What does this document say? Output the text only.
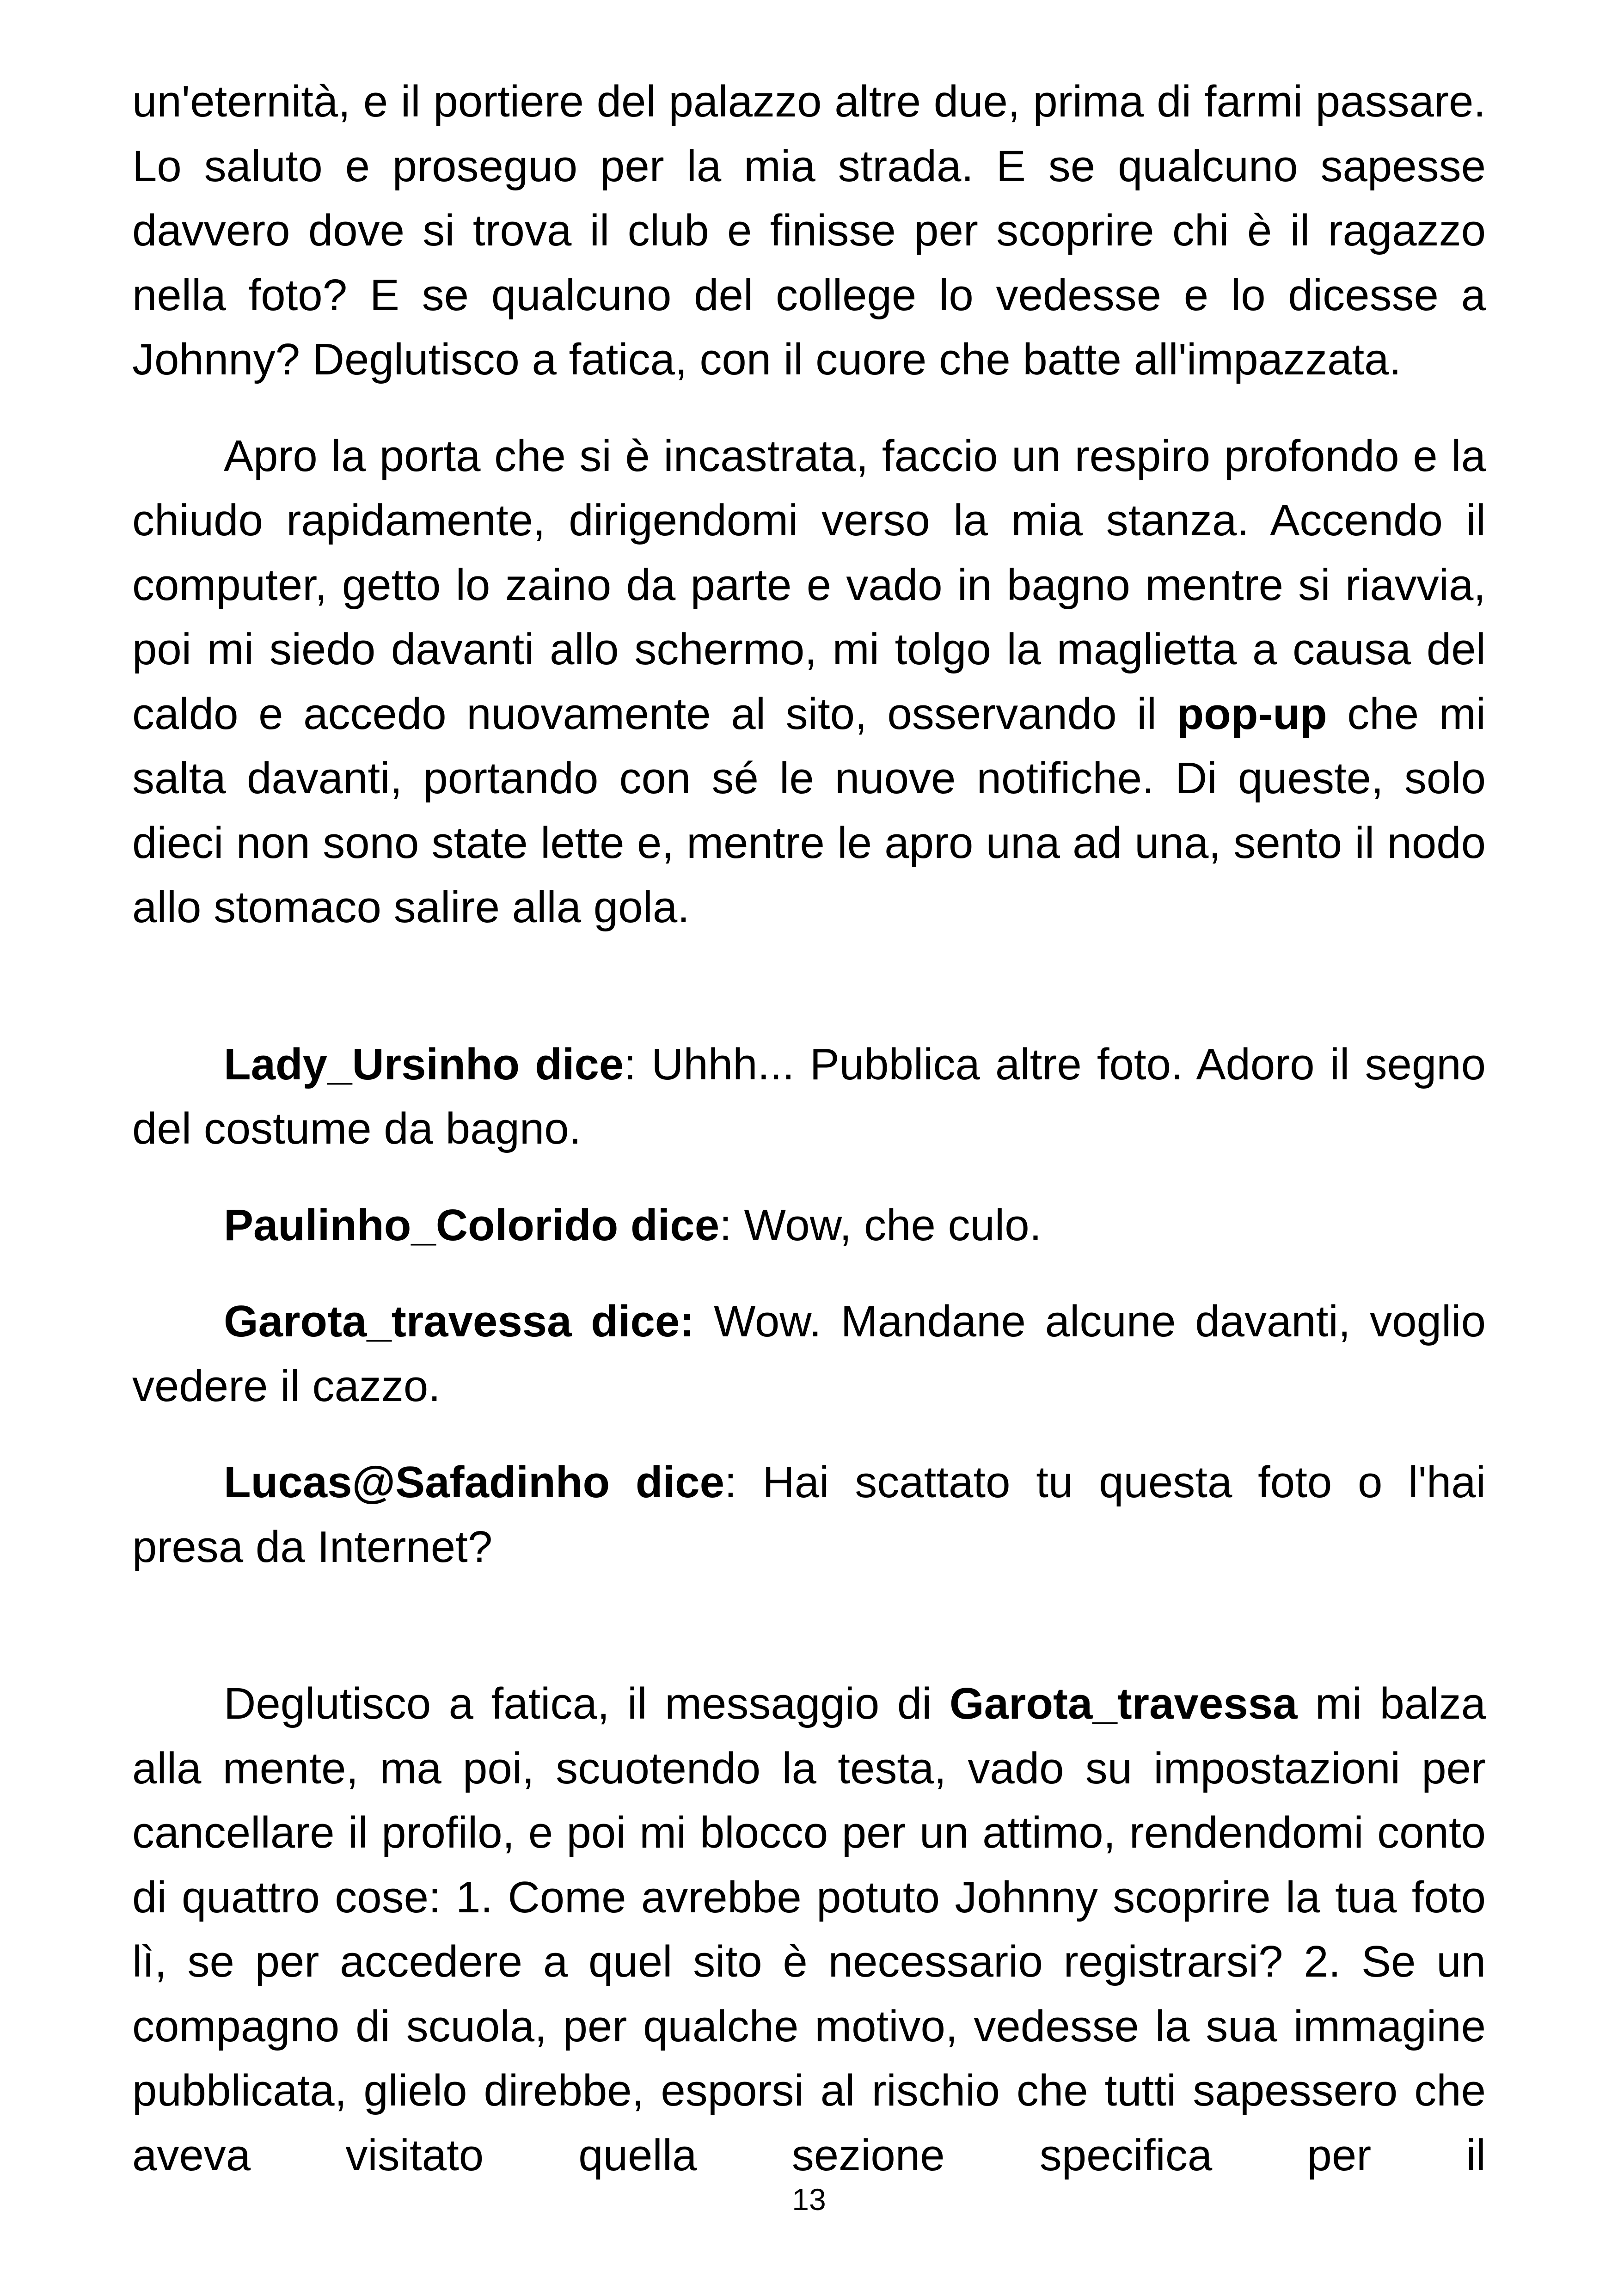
un'eternità, e il portiere del palazzo altre due, prima di farmi passare. Lo saluto e proseguo per la mia strada. E se qualcuno sapesse davvero dove si trova il club e finisse per scoprire chi è il ragazzo nella foto? E se qualcuno del college lo vedesse e lo dicesse a Johnny? Deglutisco a fatica, con il cuore che batte all'impazzata.

Apro la porta che si è incastrata, faccio un respiro profondo e la chiudo rapidamente, dirigendomi verso la mia stanza. Accendo il computer, getto lo zaino da parte e vado in bagno mentre si riavvia, poi mi siedo davanti allo schermo, mi tolgo la maglietta a causa del caldo e accedo nuovamente al sito, osservando il pop-up che mi salta davanti, portando con sé le nuove notifiche. Di queste, solo dieci non sono state lette e, mentre le apro una ad una, sento il nodo allo stomaco salire alla gola.

Lady_Ursinho dice: Uhhh... Pubblica altre foto. Adoro il segno del costume da bagno.

Paulinho_Colorido dice: Wow, che culo.

Garota_travessa dice: Wow. Mandane alcune davanti, voglio vedere il cazzo.

Lucas@Safadinho dice: Hai scattato tu questa foto o l'hai presa da Internet?

Deglutisco a fatica, il messaggio di Garota_travessa mi balza alla mente, ma poi, scuotendo la testa, vado su impostazioni per cancellare il profilo, e poi mi blocco per un attimo, rendendomi conto di quattro cose: 1. Come avrebbe potuto Johnny scoprire la tua foto lì, se per accedere a quel sito è necessario registrarsi? 2. Se un compagno di scuola, per qualche motivo, vedesse la sua immagine pubblicata, glielo direbbe, esporsi al rischio che tutti sapessero che aveva visitato quella sezione specifica per il

13
